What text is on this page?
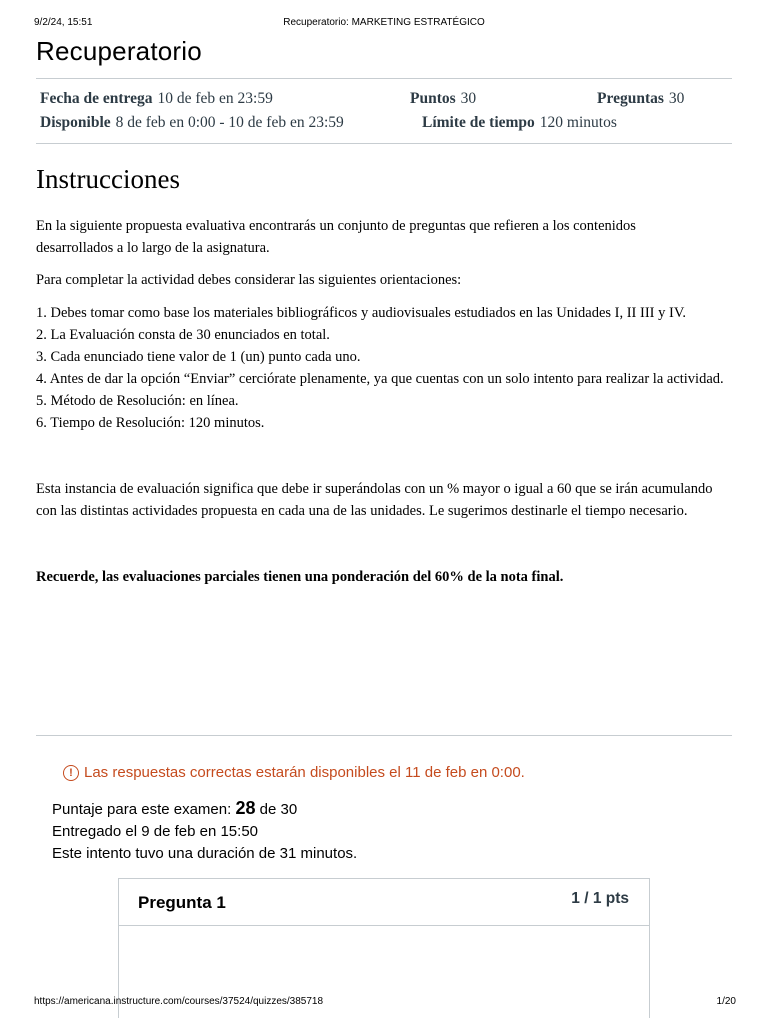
9/2/24, 15:51	Recuperatorio: MARKETING ESTRATÉGICO
Recuperatorio
Fecha de entrega 10 de feb en 23:59	Puntos 30	Preguntas 30
Disponible 8 de feb en 0:00 - 10 de feb en 23:59	Límite de tiempo 120 minutos
Instrucciones

En la siguiente propuesta evaluativa encontrarás un conjunto de preguntas que refieren a los contenidos desarrollados a lo largo de la asignatura.

Para completar la actividad debes considerar las siguientes orientaciones:

1. Debes tomar como base los materiales bibliográficos y audiovisuales estudiados en las Unidades I, II III y IV.

2. La Evaluación consta de 30 enunciados en total.

3. Cada enunciado tiene valor de 1 (un) punto cada uno.

4. Antes de dar la opción “Enviar” cerciórate plenamente, ya que cuentas con un solo intento para realizar la actividad.

5. Método de Resolución: en línea.

6. Tiempo de Resolución: 120 minutos.

Esta instancia de evaluación significa que debe ir superándolas con un % mayor o igual a 60 que se irán acumulando con las distintas actividades propuesta en cada una de las unidades. Le sugerimos destinarle el tiempo necesario.

Recuerde, las evaluaciones parciales tienen una ponderación del 60% de la nota final.

! Las respuestas correctas estarán disponibles el 11 de feb en 0:00.
Puntaje para este examen: 28 de 30
Entregado el 9 de feb en 15:50
Este intento tuvo una duración de 31 minutos.
Pregunta 1	1 / 1 pts
https://americana.instructure.com/courses/37524/quizzes/385718	1/20
